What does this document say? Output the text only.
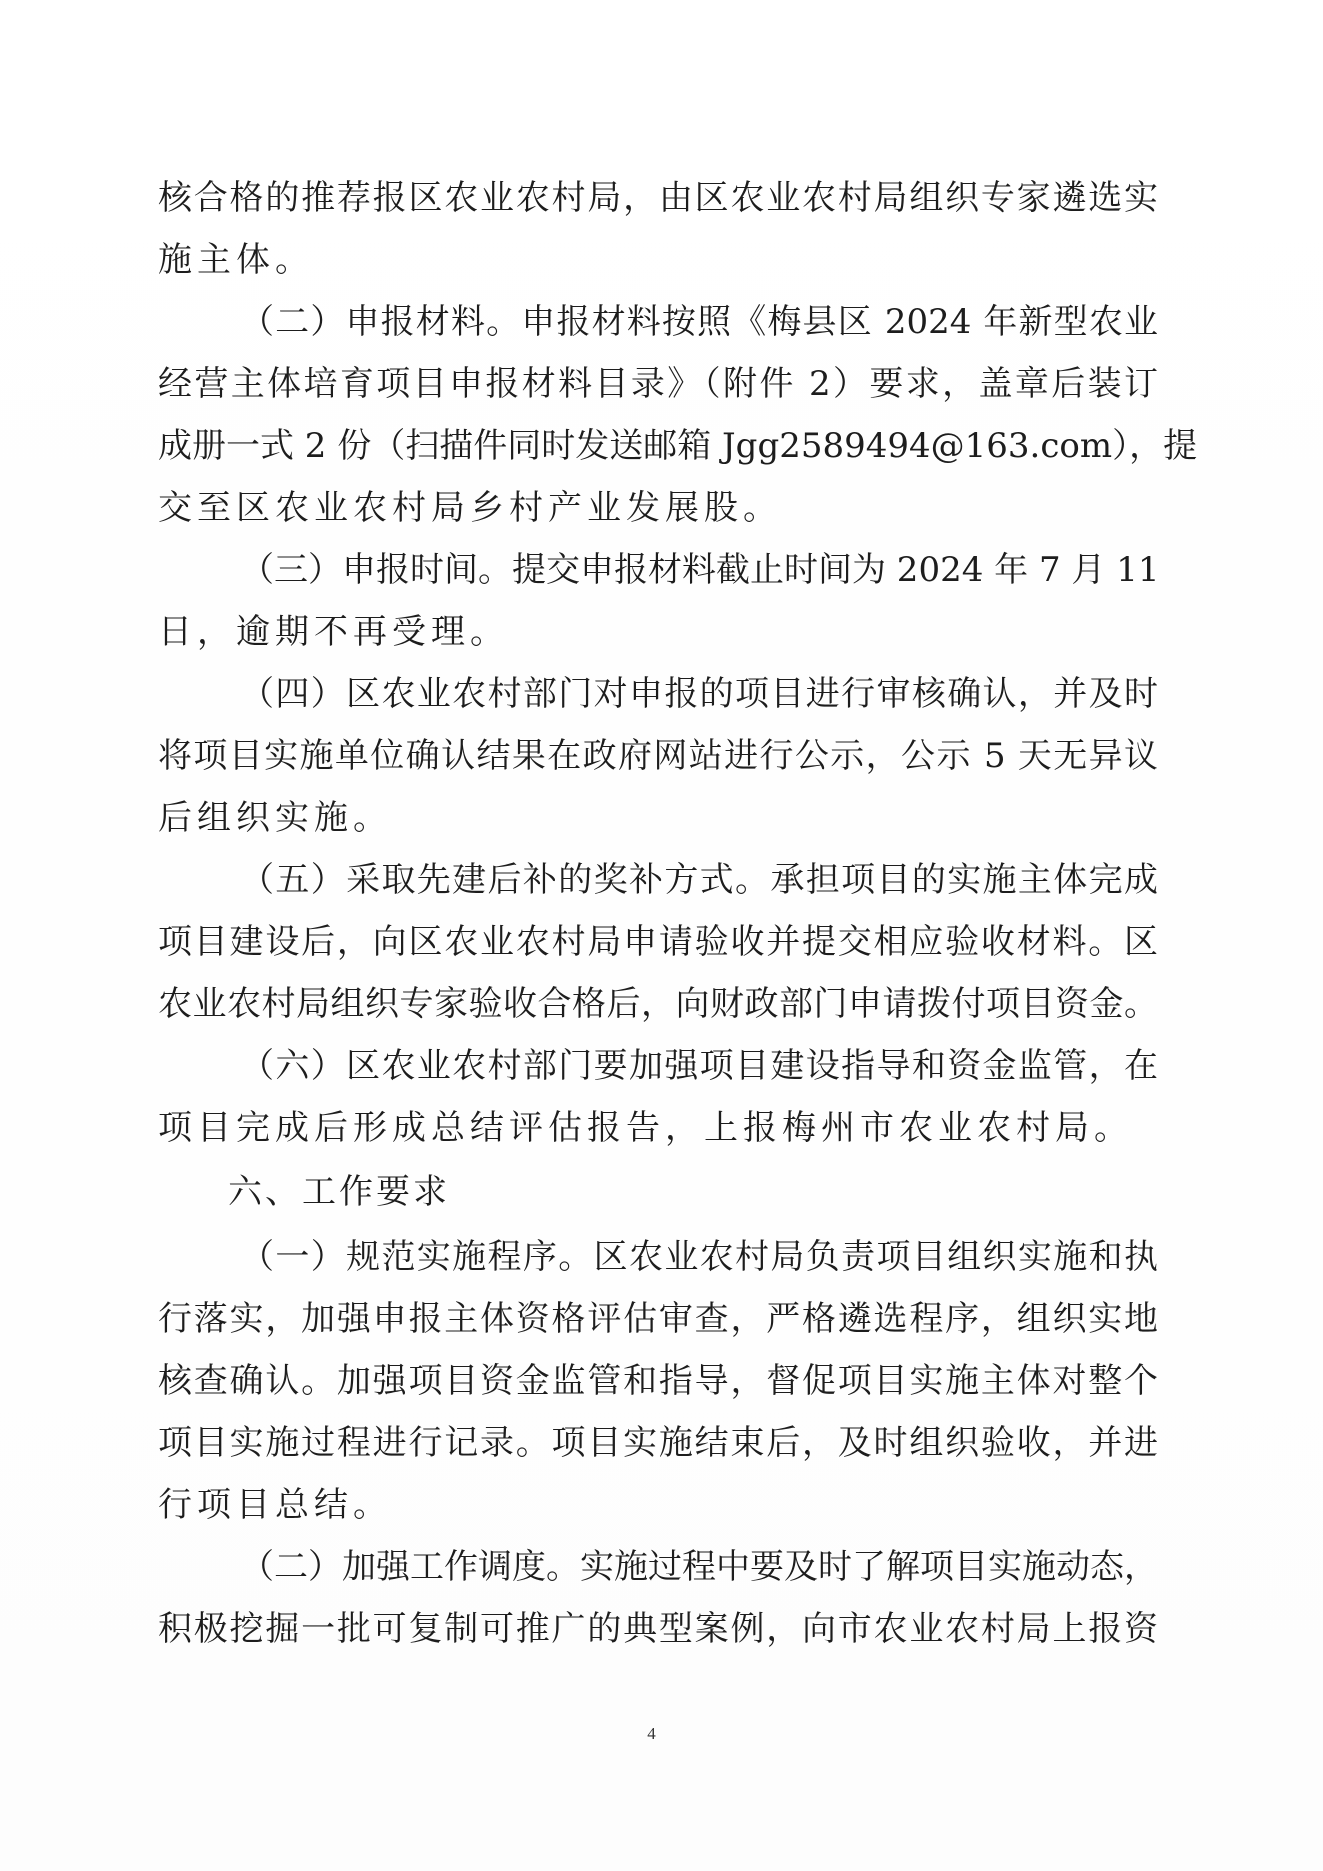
核合格的推荐报区农业农村局，由区农业农村局组织专家遴选实
施主体。
（二）申报材料。申报材料按照《梅县区 2024 年新型农业
经营主体培育项目申报材料目录》（附件 2）要求，盖章后装订
成册一式 2 份（扫描件同时发送邮箱 Jgg2589494@163.com），提
交至区农业农村局乡村产业发展股。
（三）申报时间。提交申报材料截止时间为 2024 年 7 月 11
日，逾期不再受理。
（四）区农业农村部门对申报的项目进行审核确认，并及时
将项目实施单位确认结果在政府网站进行公示，公示 5 天无异议
后组织实施。
（五）采取先建后补的奖补方式。承担项目的实施主体完成
项目建设后，向区农业农村局申请验收并提交相应验收材料。区
农业农村局组织专家验收合格后，向财政部门申请拨付项目资金。
（六）区农业农村部门要加强项目建设指导和资金监管，在
项目完成后形成总结评估报告，上报梅州市农业农村局。
六、工作要求
（一）规范实施程序。区农业农村局负责项目组织实施和执
行落实，加强申报主体资格评估审查，严格遴选程序，组织实地
核查确认。加强项目资金监管和指导，督促项目实施主体对整个
项目实施过程进行记录。项目实施结束后，及时组织验收，并进
行项目总结。
（二）加强工作调度。实施过程中要及时了解项目实施动态，
积极挖掘一批可复制可推广的典型案例，向市农业农村局上报资
4
